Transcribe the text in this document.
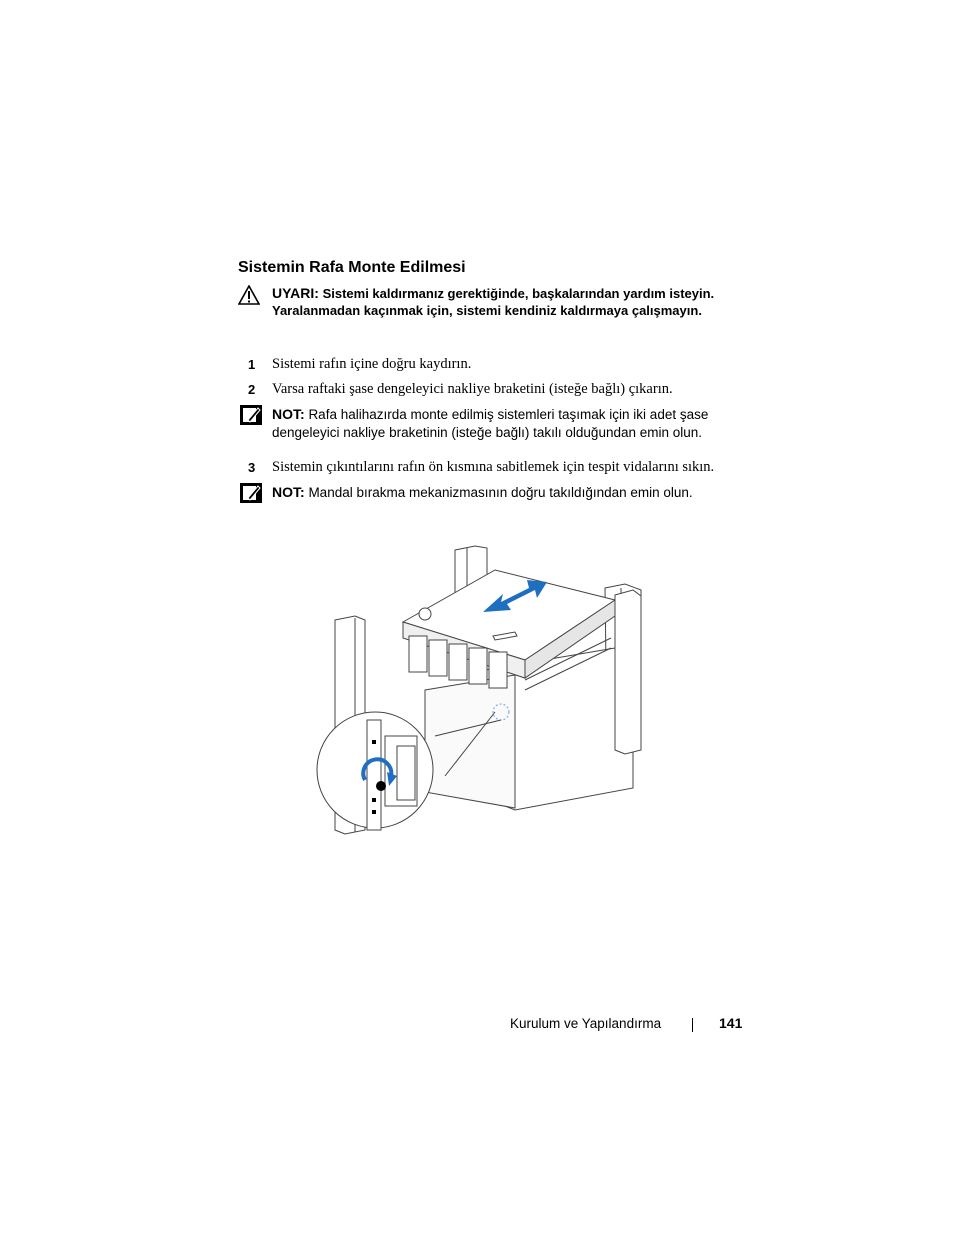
Sistemin Rafa Monte Edilmesi
UYARI: Sistemi kaldırmanız gerektiğinde, başkalarından yardım isteyin. Yaralanmadan kaçınmak için, sistemi kendiniz kaldırmaya çalışmayın.
1 Sistemi rafın içine doğru kaydırın.
2 Varsa raftaki şase dengeleyici nakliye braketini (isteğe bağlı) çıkarın.
NOT: Rafa halihazırda monte edilmiş sistemleri taşımak için iki adet şase dengeleyici nakliye braketinin (isteğe bağlı) takılı olduğundan emin olun.
3 Sistemin çıkıntılarını rafın ön kısmına sabitlemek için tespit vidalarını sıkın.
NOT: Mandal bırakma mekanizmasının doğru takıldığından emin olun.
Kurulum ve Yapılandırma	141
